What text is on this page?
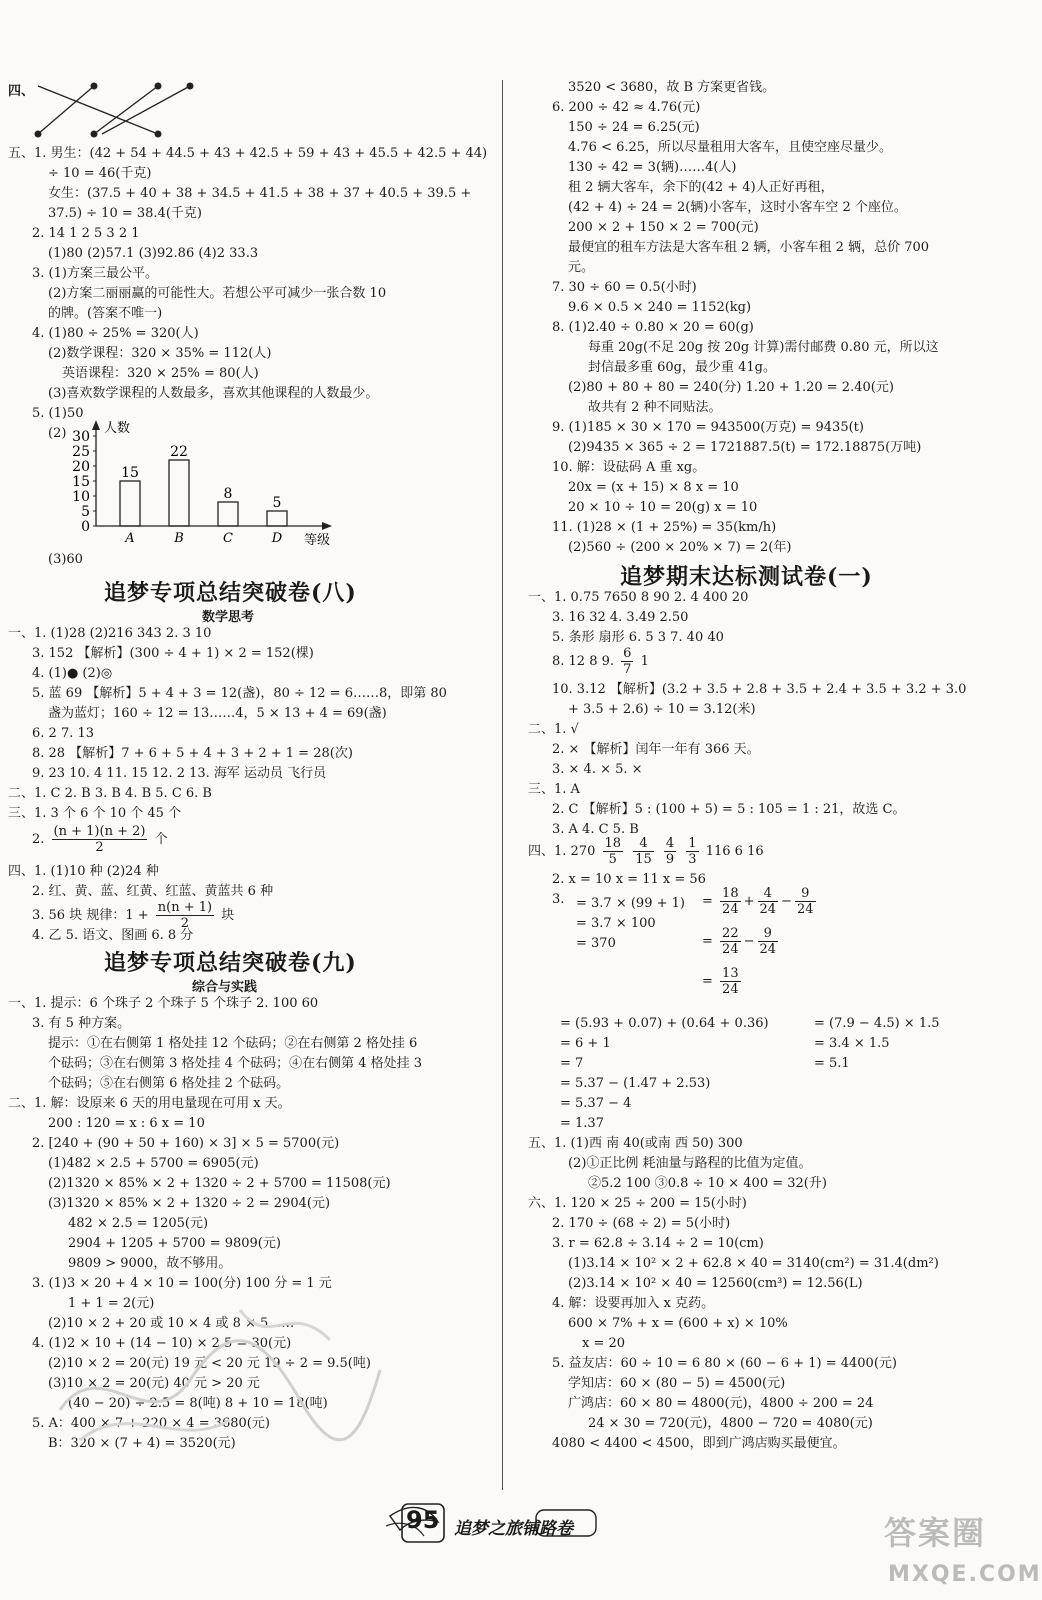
四、
五、1. 男生：(42 + 54 + 44.5 + 43 + 42.5 + 59 + 43 + 45.5 + 42.5 + 44)
÷ 10 = 46(千克)
女生：(37.5 + 40 + 38 + 34.5 + 41.5 + 38 + 37 + 40.5 + 39.5 +
37.5) ÷ 10 = 38.4(千克)
2. 14 1 2 5 3 2 1
(1)80 (2)57.1 (3)92.86 (4)2 33.3
3. (1)方案三最公平。
(2)方案二丽丽赢的可能性大。若想公平可减少一张合数 10
的牌。(答案不唯一)
4. (1)80 ÷ 25% = 320(人)
(2)数学课程：320 × 35% = 112(人)
英语课程：320 × 25% = 80(人)
(3)喜欢数学课程的人数最多，喜欢其他课程的人数最少。
5. (1)50
(2)
0
5
10
15
20
25
30
人数
15
A
22
B
8
C
5
D 等级
(3)60
追梦专项总结突破卷(八)
数学思考
一、1. (1)28 (2)216 343 2. 3 10
3. 152 【解析】(300 ÷ 4 + 1) × 2 = 152(棵)
4. (1)● (2)◎
5. 蓝 69 【解析】5 + 4 + 3 = 12(盏)，80 ÷ 12 = 6……8，即第 80
盏为蓝灯；160 ÷ 12 = 13……4，5 × 13 + 4 = 69(盏)
6. 2 7. 13
8. 28 【解析】7 + 6 + 5 + 4 + 3 + 2 + 1 = 28(次)
9. 23 10. 4 11. 15 12. 2 13. 海军 运动员 飞行员
二、1. C 2. B 3. B 4. B 5. C 6. B
三、1. 3 个 6 个 10 个 45 个
2. $\frac{(n + 1)(n + 2)}{2}$ 个
四、1. (1)10 种 (2)24 种
2. 红、黄、蓝、红黄、红蓝、黄蓝共 6 种
3. 56 块 规律：$1 + \frac{n(n + 1)}{2}$ 块
4. 乙 5. 语文、图画 6. 8 分
追梦专项总结突破卷(九)
综合与实践
一、1. 提示：6 个珠子 2 个珠子 5 个珠子 2. 100 60
3. 有 5 种方案。
提示：①在右侧第 1 格处挂 12 个砝码；②在右侧第 2 格处挂 6
个砝码；③在右侧第 3 格处挂 4 个砝码；④在右侧第 4 格处挂 3
个砝码；⑤在右侧第 6 格处挂 2 个砝码。
二、1. 解：设原来 6 天的用电量现在可用 x 天。
200 : 120 = x : 6 x = 10
2. [240 + (90 + 50 + 160) × 3] × 5 = 5700(元)
(1)482 × 2.5 + 5700 = 6905(元)
(2)1320 × 85% × 2 + 1320 ÷ 2 + 5700 = 11508(元)
(3)1320 × 85% × 2 + 1320 ÷ 2 = 2904(元)
482 × 2.5 = 1205(元)
2904 + 1205 + 5700 = 9809(元)
9809 > 9000，故不够用。
3. (1)3 × 20 + 4 × 10 = 100(分) 100 分 = 1 元
1 + 1 = 2(元)
(2)10 × 2 + 20 或 10 × 4 或 8 × 5……
4. (1)2 × 10 + (14 − 10) × 2.5 = 30(元)
(2)10 × 2 = 20(元) 19 元 < 20 元 19 ÷ 2 = 9.5(吨)
(3)10 × 2 = 20(元) 40 元 > 20 元
(40 − 20) ÷ 2.5 = 8(吨) 8 + 10 = 18(吨)
5. A：400 × 7 + 220 × 4 = 3680(元)
B：320 × (7 + 4) = 3520(元)
3520 < 3680，故 B 方案更省钱。
6. 200 ÷ 42 ≈ 4.76(元)
150 ÷ 24 = 6.25(元)
4.76 < 6.25，所以尽量租用大客车，且使空座尽量少。
130 ÷ 42 = 3(辆)……4(人)
租 2 辆大客车，余下的(42 + 4)人正好再租，
(42 + 4) ÷ 24 = 2(辆)小客车，这时小客车空 2 个座位。
200 × 2 + 150 × 2 = 700(元)
最便宜的租车方法是大客车租 2 辆，小客车租 2 辆，总价 700
元。
7. 30 ÷ 60 = 0.5(小时)
9.6 × 0.5 × 240 = 1152(kg)
8. (1)2.40 ÷ 0.80 × 20 = 60(g)
每重 20g(不足 20g 按 20g 计算)需付邮费 0.80 元，所以这
封信最多重 60g，最少重 41g。
(2)80 + 80 + 80 = 240(分) 1.20 + 1.20 = 2.40(元)
故共有 2 种不同贴法。
9. (1)185 × 30 × 170 = 943500(万克) = 9435(t)
(2)9435 × 365 ÷ 2 = 1721887.5(t) = 172.18875(万吨)
10. 解：设砝码 A 重 xg。
20x = (x + 15) × 8 x = 10
20 × 10 ÷ 10 = 20(g) x = 10
11. (1)28 × (1 + 25%) = 35(km/h)
(2)560 ÷ (200 × 20% × 7) = 2(年)
追梦期末达标测试卷(一)
一、1. 0.75 7650 8 90 2. 4 400 20
3. 16 32 4. 3.49 2.50
5. 条形 扇形 6. 5 3 7. 40 40
8. 12 8 9. $\frac{6}{7} 1$
10. 3.12 【解析】(3.2 + 3.5 + 2.8 + 3.5 + 2.4 + 3.5 + 3.2 + 3.0
+ 3.5 + 2.6) ÷ 10 = 3.12(米)
二、1. √
2. × 【解析】闰年一年有 366 天。
3. × 4. × 5. ×
三、1. A
2. C 【解析】5 : (100 + 5) = 5 : 105 = 1 : 21，故选 C。
3. A 4. C 5. B
四、1. $270 \frac{18}{5}$
$\frac{4}{15}$
$\frac{4}{9}$
$\frac{1}{3} 116$ 6 16
2. x = 10 x = 11 x = 56
3. = 3.7 × (99 + 1)
= 3.7 × 100
= 370
= $\frac{18}{24} + \frac{4}{24} - \frac{9}{24}$
= $\frac{22}{24} - \frac{9}{24}$
= $\frac{13}{24}$
= (5.93 + 0.07) + (0.64 + 0.36)
= 6 + 1
= 7
= 5.37 − (1.47 + 2.53)
= 5.37 − 4
= 1.37
= (7.9 − 4.5) × 1.5
= 3.4 × 1.5
= 5.1
五、1. (1)西 南 40(或南 西 50) 300
(2)①正比例 耗油量与路程的比值为定值。
②5.2 100 ③0.8 ÷ 10 × 400 = 32(升)
六、1. 120 × 25 ÷ 200 = 15(小时)
2. 170 ÷ (68 ÷ 2) = 5(小时)
3. r = 62.8 ÷ 3.14 ÷ 2 = 10(cm)
(1)3.14 × 10² × 2 + 62.8 × 40 = 3140(cm²) = 31.4(dm²)
(2)3.14 × 10² × 40 = 12560(cm³) = 12.56(L)
4. 解：设要再加入 x 克药。
600 × 7% + x = (600 + x) × 10%
x = 20
5. 益友店：60 ÷ 10 = 6 80 × (60 − 6 + 1) = 4400(元)
学知店：60 × (80 − 5) = 4500(元)
广鸿店：60 × 80 = 4800(元)，4800 ÷ 200 = 24
24 × 30 = 720(元)，4800 − 720 = 4080(元)
4080 < 4400 < 4500，即到广鸿店购买最便宜。
95 追梦之旅铺路卷	答案圈
MXQE.COM
